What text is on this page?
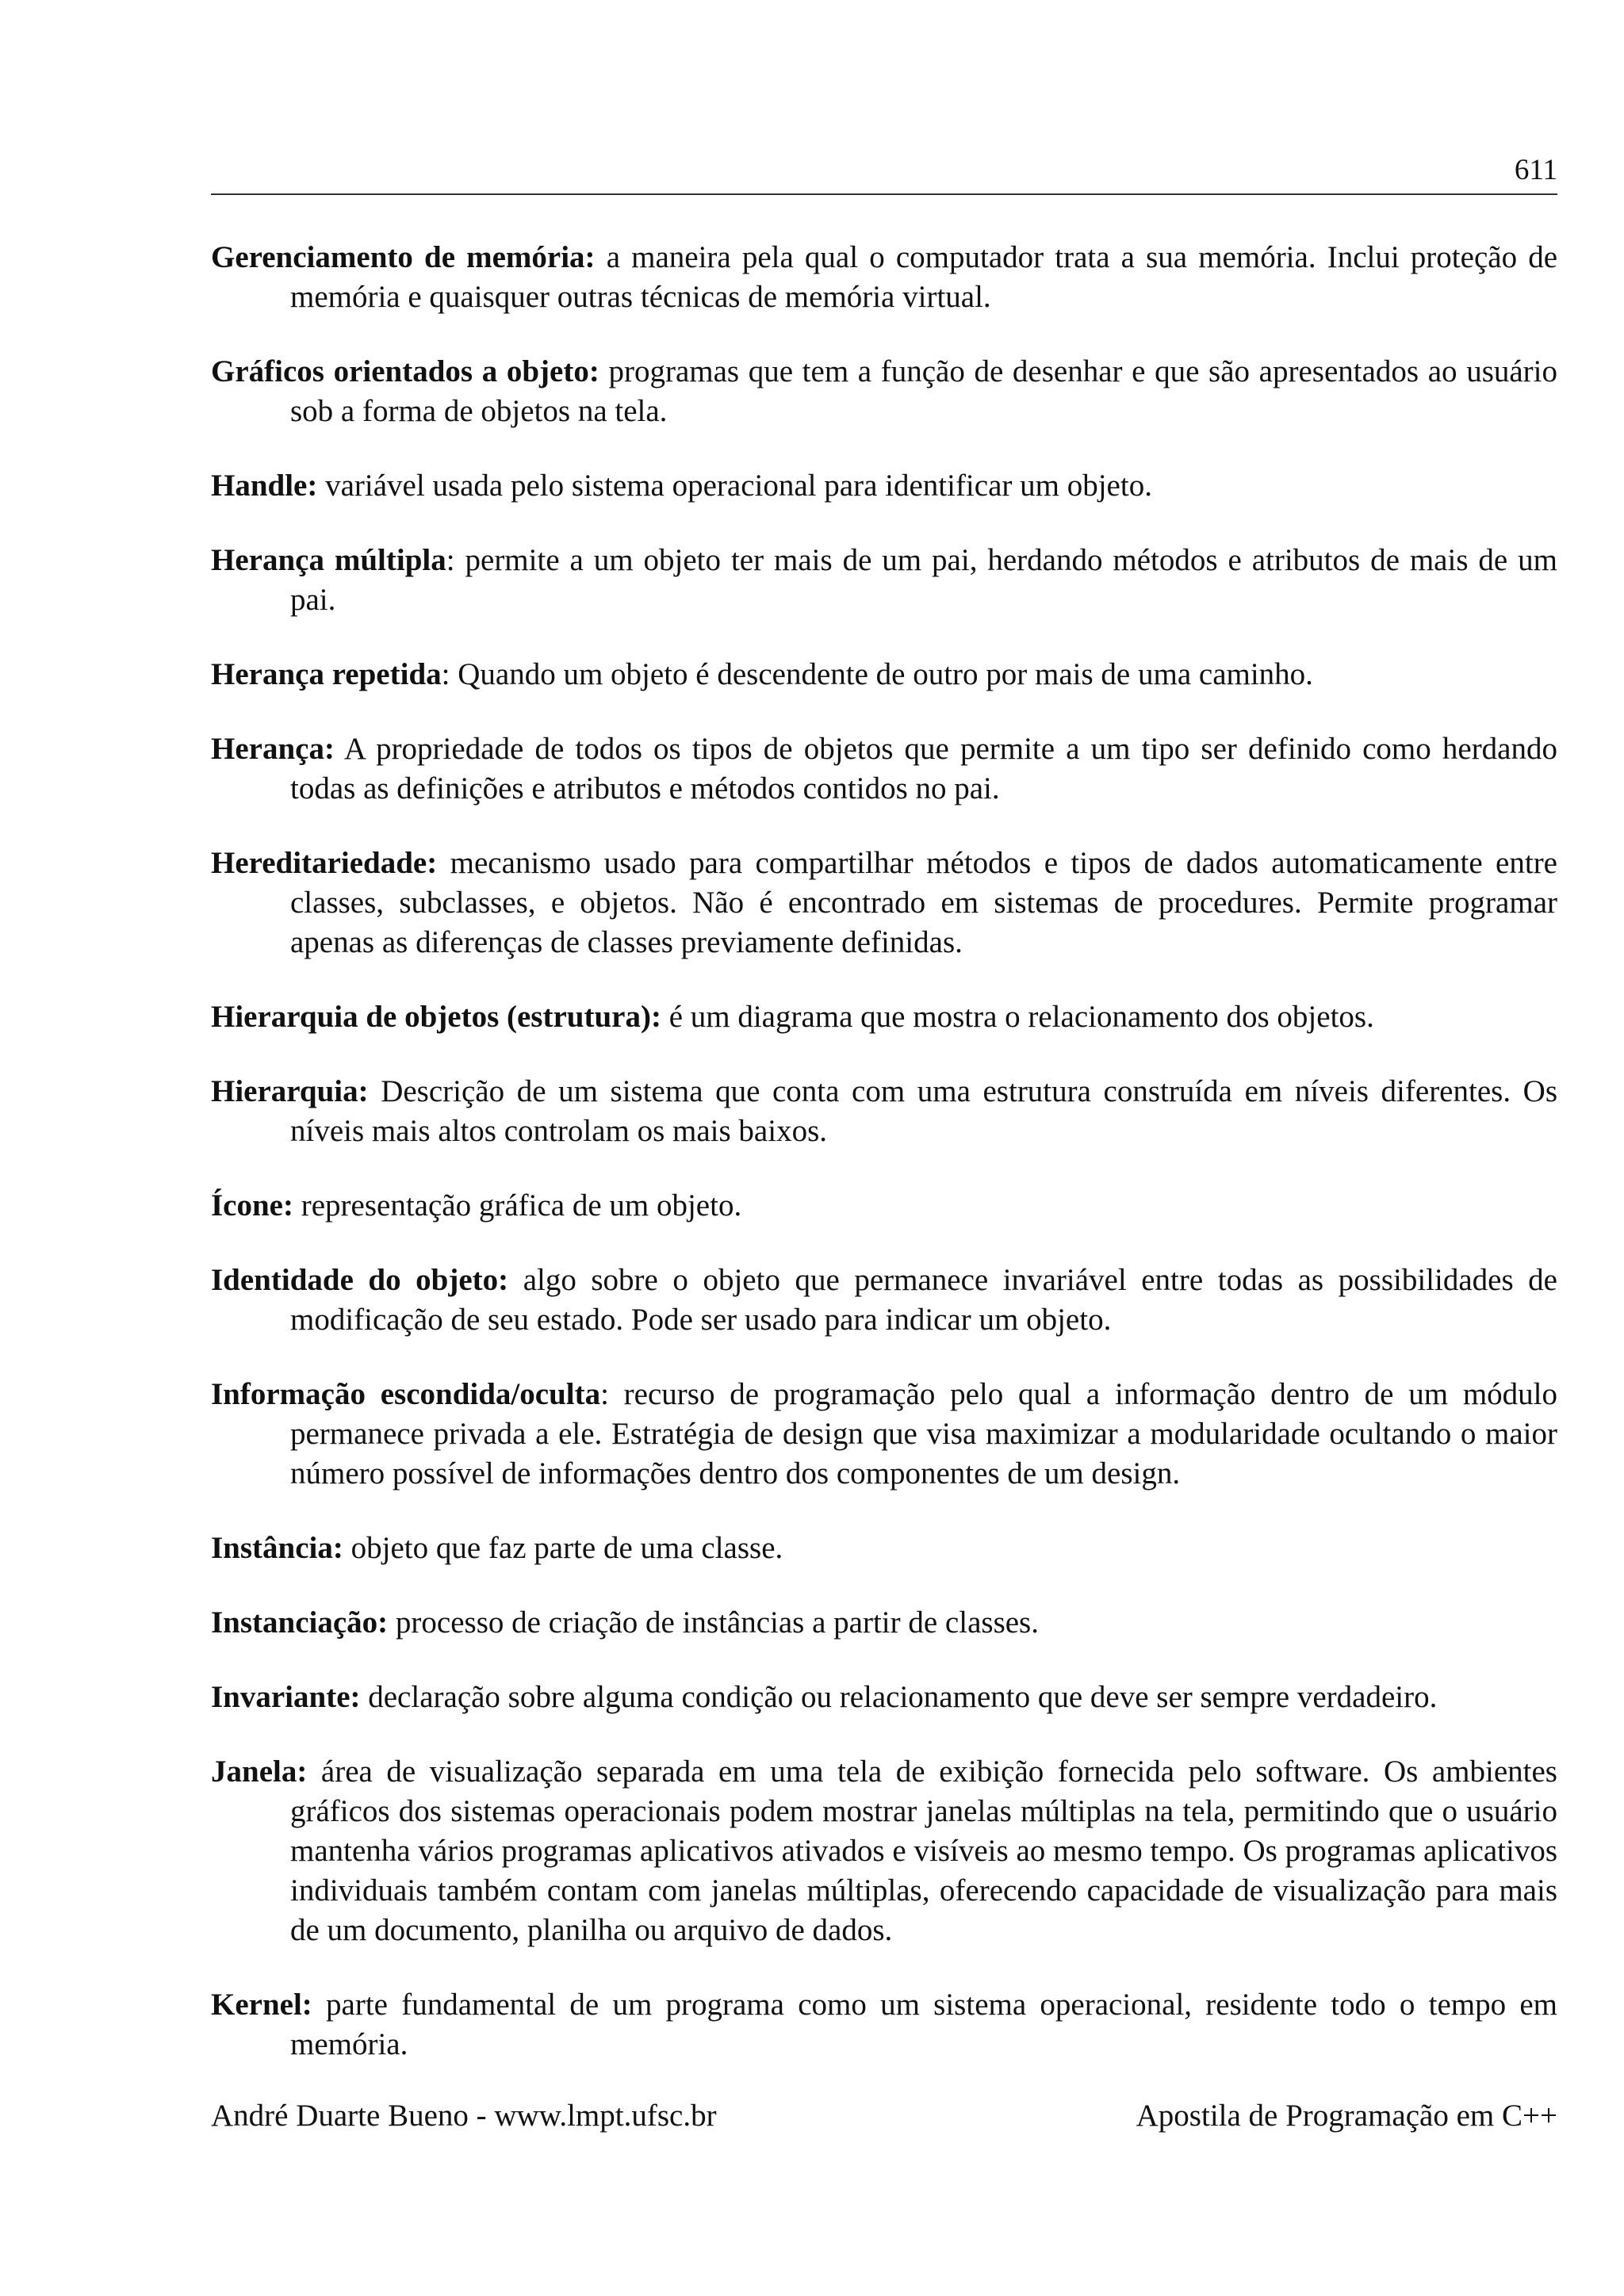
611

Gerenciamento de memória: a maneira pela qual o computador trata a sua memória. Inclui proteção de memória e quaisquer outras técnicas de memória virtual.

Gráficos orientados a objeto: programas que tem a função de desenhar e que são apresentados ao usuário sob a forma de objetos na tela.

Handle: variável usada pelo sistema operacional para identificar um objeto.

Herança múltipla: permite a um objeto ter mais de um pai, herdando métodos e atributos de mais de um pai.

Herança repetida: Quando um objeto é descendente de outro por mais de uma caminho.

Herança: A propriedade de todos os tipos de objetos que permite a um tipo ser definido como herdando todas as definições e atributos e métodos contidos no pai.

Hereditariedade: mecanismo usado para compartilhar métodos e tipos de dados automaticamente entre classes, subclasses, e objetos. Não é encontrado em sistemas de procedures. Permite programar apenas as diferenças de classes previamente definidas.

Hierarquia de objetos (estrutura): é um diagrama que mostra o relacionamento dos objetos.

Hierarquia: Descrição de um sistema que conta com uma estrutura construída em níveis diferentes. Os níveis mais altos controlam os mais baixos.

Ícone: representação gráfica de um objeto.

Identidade do objeto: algo sobre o objeto que permanece invariável entre todas as possibilidades de modificação de seu estado. Pode ser usado para indicar um objeto.

Informação escondida/oculta: recurso de programação pelo qual a informação dentro de um módulo permanece privada a ele. Estratégia de design que visa maximizar a modularidade ocultando o maior número possível de informações dentro dos componentes de um design.

Instância: objeto que faz parte de uma classe.

Instanciação: processo de criação de instâncias a partir de classes.

Invariante: declaração sobre alguma condição ou relacionamento que deve ser sempre verdadeiro.

Janela: área de visualização separada em uma tela de exibição fornecida pelo software. Os ambientes gráficos dos sistemas operacionais podem mostrar janelas múltiplas na tela, permitindo que o usuário mantenha vários programas aplicativos ativados e visíveis ao mesmo tempo. Os programas aplicativos individuais também contam com janelas múltiplas, oferecendo capacidade de visualização para mais de um documento, planilha ou arquivo de dados.

Kernel: parte fundamental de um programa como um sistema operacional, residente todo o tempo em memória.

André Duarte Bueno - www.lmpt.ufsc.br	Apostila de Programação em C++
